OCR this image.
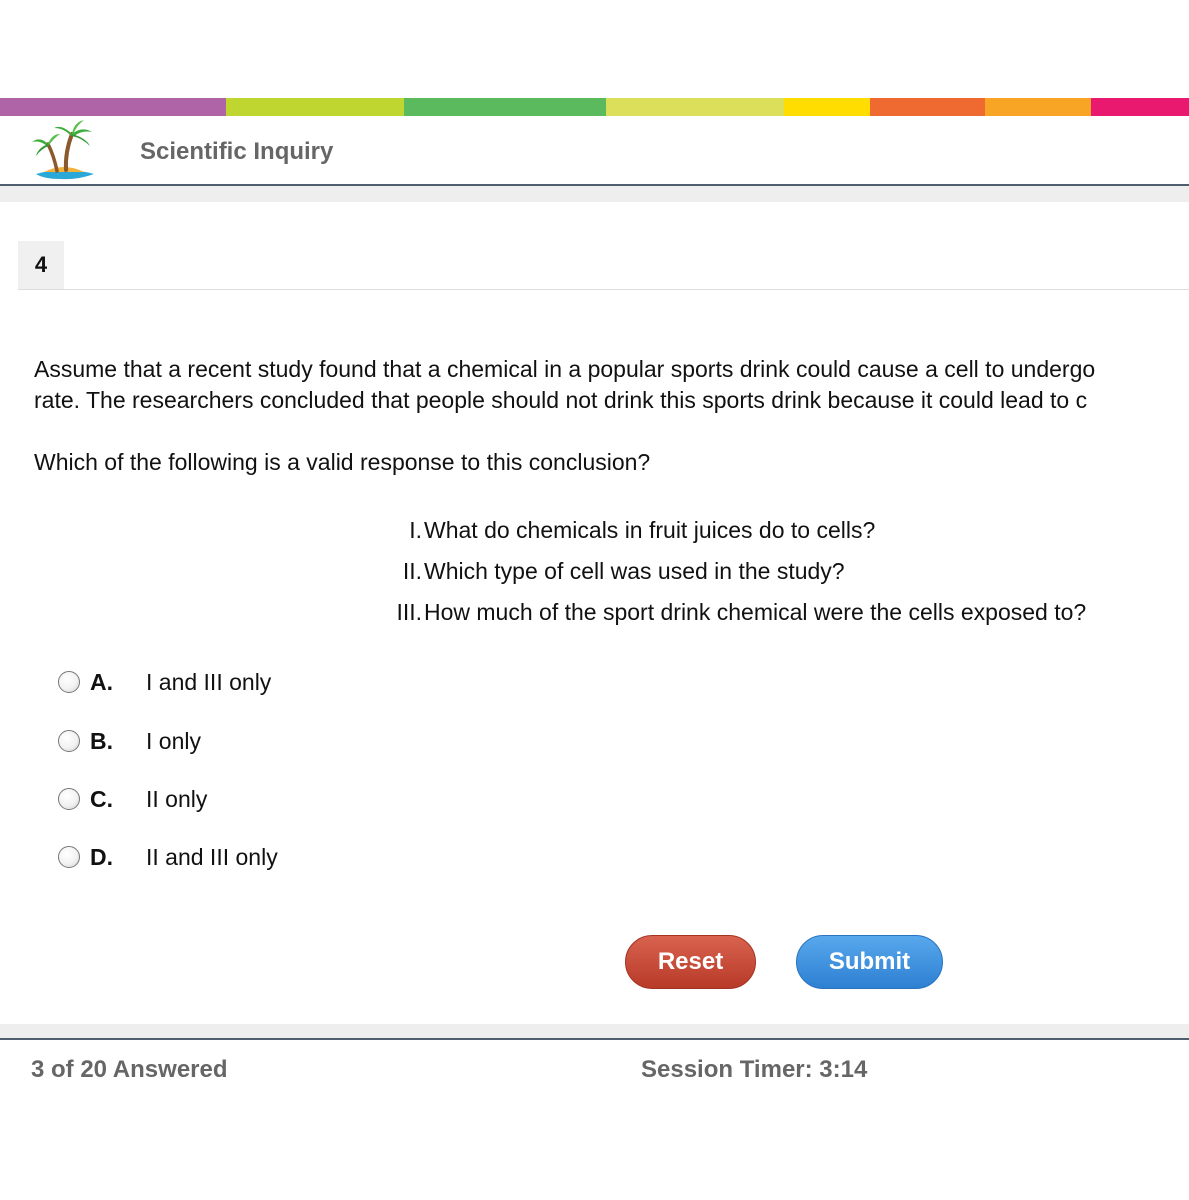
Scientific Inquiry
4
Assume that a recent study found that a chemical in a popular sports drink could cause a cell to undergo
rate. The researchers concluded that people should not drink this sports drink because it could lead to c
Which of the following is a valid response to this conclusion?
I. What do chemicals in fruit juices do to cells?
II. Which type of cell was used in the study?
III. How much of the sport drink chemical were the cells exposed to?
A. I and III only
B. I only
C. II only
D. II and III only
Reset	Submit
3 of 20 Answered	Session Timer: 3:14
